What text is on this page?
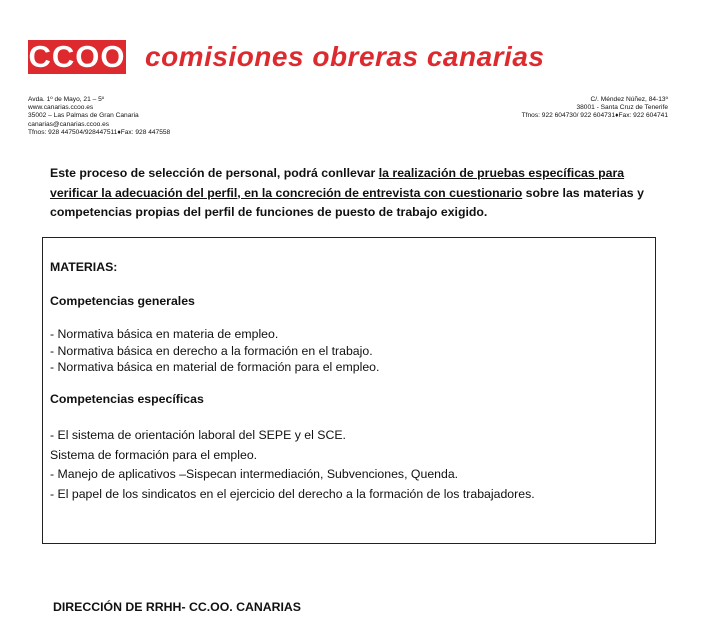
CCOO comisiones obreras canarias
Avda. 1º de Mayo, 21 – 5º
www.canarias.ccoo.es
35002 – Las Palmas de Gran Canaria
canarias@canarias.ccoo.es
Tfnos: 928 447504/928447511♦Fax: 928 447558
C/. Méndez Núñez, 84-13º
38001 - Santa Cruz de Tenerife
Tfnos: 922 604730/ 922 604731♦Fax: 922 604741
Este proceso de selección de personal, podrá conllevar la realización de pruebas específicas para verificar la adecuación del perfil, en la concreción de entrevista con cuestionario sobre las materias y competencias propias del perfil de funciones de puesto de trabajo exigido.
MATERIAS:
Competencias generales
- Normativa básica en materia de empleo.
- Normativa básica en derecho a la formación en el trabajo.
- Normativa básica en material de formación para el empleo.
Competencias específicas
- El sistema de orientación laboral del SEPE y el SCE.
Sistema de formación para el empleo.
- Manejo de aplicativos –Sispecan intermediación, Subvenciones, Quenda.
- El papel de los sindicatos en el ejercicio del derecho a la formación de los trabajadores.
DIRECCIÓN DE RRHH- CC.OO. CANARIAS
